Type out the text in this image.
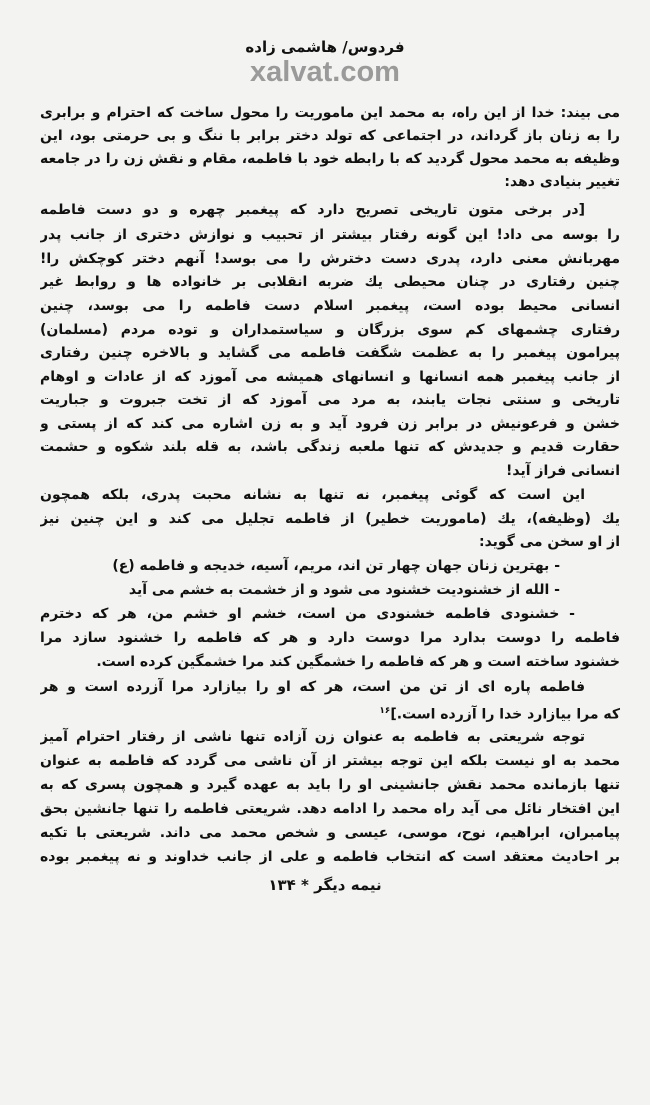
فردوس/ هاشمی زاده
xalvat.com
می بیند: خدا از این راه، به محمد این ماموریت را محول ساخت که احترام و برابری
را به زنان باز گرداند، در اجتماعی که تولد دختر برابر با ننگ و بی حرمتی بود، این
وظیفه به محمد محول گردید که با رابطه خود با فاطمه، مقام و نقش زن را در جامعه
تغییر بنیادی دهد:
[در برخی متون تاریخی تصریح دارد که پیغمبر چهره و دو دست فاطمه
را بوسه می داد! این گونه رفتار بیشتر از تحبیب و نوازش دختری از جانب پدر
مهربانش معنی دارد، پدری دست دخترش را می بوسد! آنهم دختر کوچکش را!
چنین رفتاری در چنان محیطی یك ضربه انقلابی بر خانواده ها و روابط غیر
انسانی محیط بوده است، پیغمبر اسلام دست فاطمه را می بوسد، چنین
رفتاری چشمهای کم سوی بزرگان و سیاستمداران و توده مردم (مسلمان)
پیرامون پیغمبر را به عظمت شگفت فاطمه می گشاید و بالاخره چنین رفتاری
از جانب پیغمبر همه انسانها و انسانهای همیشه می آموزد که از عادات و اوهام
تاریخی و سنتی نجات یابند، به مرد می آموزد که از تخت جبروت و جباریت
خشن و فرعونیش در برابر زن فرود آید و به زن اشاره می کند که از پستی و
حقارت قدیم و جدیدش که تنها ملعبه زندگی باشد، به قله بلند شکوه و حشمت
انسانی فراز آید!
این است که گوئی پیغمبر، نه تنها به نشانه محبت پدری، بلکه همچون
یك (وظیفه)، یك (ماموریت خطیر) از فاطمه تجلیل می کند و این چنین نیز
از او سخن می گوید:
- بهترین زنان جهان چهار تن اند، مریم، آسیه، خدیجه و فاطمه (ع)
- الله از خشنودیت خشنود می شود و از خشمت به خشم می آید
- خشنودی فاطمه خشنودی من است، خشم او خشم من، هر که دخترم
فاطمه را دوست بدارد مرا دوست دارد و هر که فاطمه را خشنود سازد مرا
خشنود ساخته است و هر که فاطمه را خشمگین کند مرا خشمگین کرده است.
فاطمه پاره ای از تن من است، هر که او را بیازارد مرا آزرده است و هر
که مرا بیازارد خدا را آزرده است.]$^{۱۶}$
توجه شریعتی به فاطمه به عنوان زن آزاده تنها ناشی از رفتار احترام آمیز
محمد به او نیست بلکه این توجه بیشتر از آن ناشی می گردد که فاطمه به عنوان
تنها بازمانده محمد نقش جانشینی او را باید به عهده گیرد و همچون پسری که به
این افتخار نائل می آید راه محمد را ادامه دهد. شریعتی فاطمه را تنها جانشین بحق
پیامبران، ابراهیم، نوح، موسی، عیسی و شخص محمد می داند. شریعتی با تکیه
بر احادیث معتقد است که انتخاب فاطمه و علی از جانب خداوند و نه پیغمبر بوده
نیمه دیگر * ۱۳۴
